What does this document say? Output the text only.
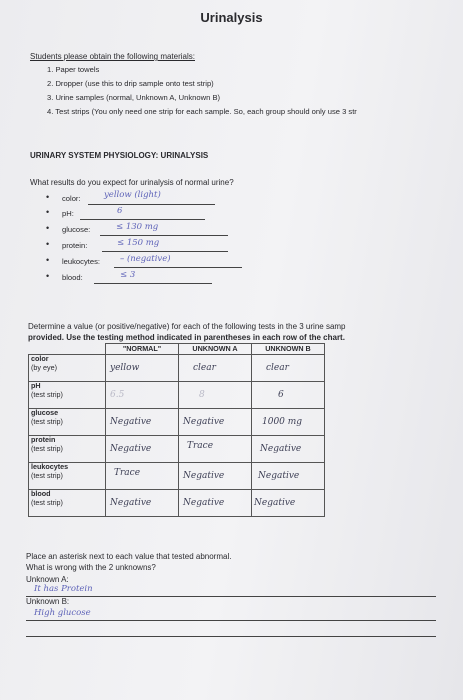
Urinalysis
Students please obtain the following materials:
1. Paper towels
2. Dropper (use this to drip sample onto test strip)
3. Urine samples (normal, Unknown A, Unknown B)
4. Test strips (You only need one strip for each sample. So, each group should only use 3 str
URINARY SYSTEM PHYSIOLOGY: URINALYSIS
What results do you expect for urinalysis of normal urine?
• color:	yellow (light)
• pH:	6
• glucose:	≤ 130 mg
• protein:	≤ 150 mg
• leukocytes: – (negative)
• blood:	≤ 3
Determine a value (or positive/negative) for each of the following tests in the 3 urine samp
provided. Use the testing method indicated in parentheses in each row of the chart.
	"NORMAL"	UNKNOWN A	UNKNOWN B
color
(by eye)	yellow	clear	clear

pH
(test strip)	6.5	8	6

glucose
(test strip)	Negative	Negative	1000 mg

protein
(test strip)	Negative	Trace	Negative

leukocytes
(test strip)	Trace	Negative	Negative

blood
(test strip)	Negative	Negative	Negative
Place an asterisk next to each value that tested abnormal.
What is wrong with the 2 unknowns?
Unknown A:
It has Protein
Unknown B:
High glucose
